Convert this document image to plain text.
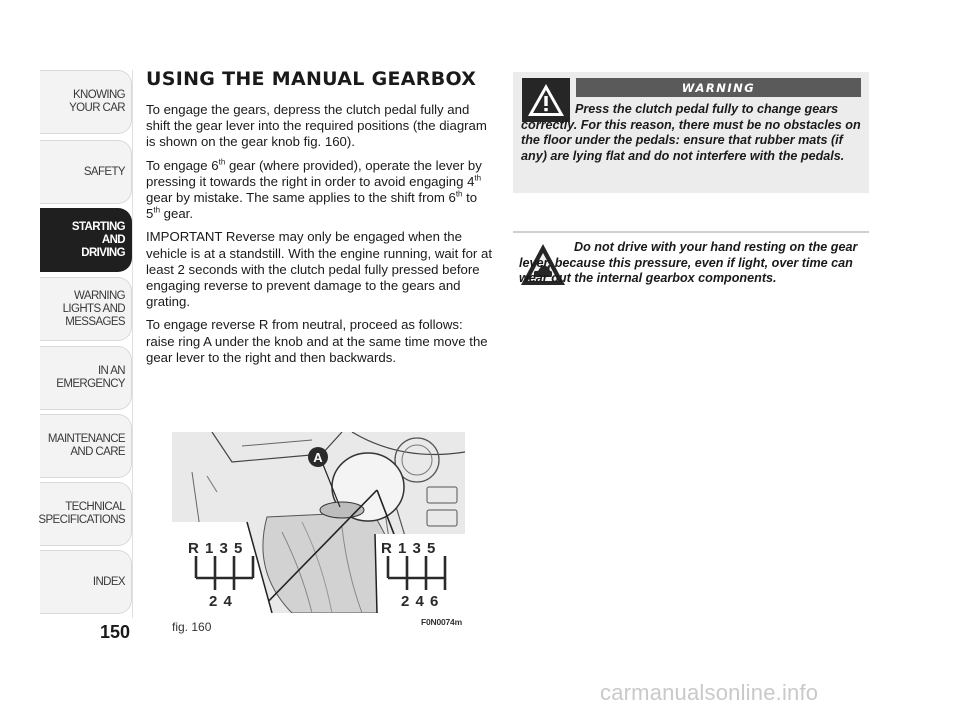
KNOWING
YOUR CAR
SAFETY
STARTING
AND
DRIVING
WARNING
LIGHTS AND
MESSAGES
IN AN
EMERGENCY
MAINTENANCE
AND CARE
TECHNICAL
SPECIFICATIONS
INDEX
150
USING THE MANUAL GEARBOX

To engage the gears, depress the clutch pedal fully and shift the gear lever into the required positions (the diagram is shown on the gear knob fig. 160).

To engage 6th gear (where provided), operate the lever by pressing it towards the right in order to avoid engaging 4th gear by mistake. The same applies to the shift from 6th to 5th gear.

IMPORTANT Reverse may only be engaged when the vehicle is at a standstill. With the engine running, wait for at least 2 seconds with the clutch pedal fully pressed before engaging reverse to prevent damage to the gears and grating.

To engage reverse R from neutral, proceed as follows: raise ring A under the knob and at the same time move the gear lever to the right and then backwards.

A
R 1 3 5
2 4
R 1 3 5
2 4 6
fig. 160	F0N0074m
WARNING

Press the clutch pedal fully to change gears correctly. For this reason, there must be no obstacles on the floor under the pedals: ensure that rubber mats (if any) are lying flat and do not interfere with the pedals.

Do not drive with your hand resting on the gear lever, because this pressure, even if light, over time can wear out the internal gearbox components.

carmanualsonline.info
